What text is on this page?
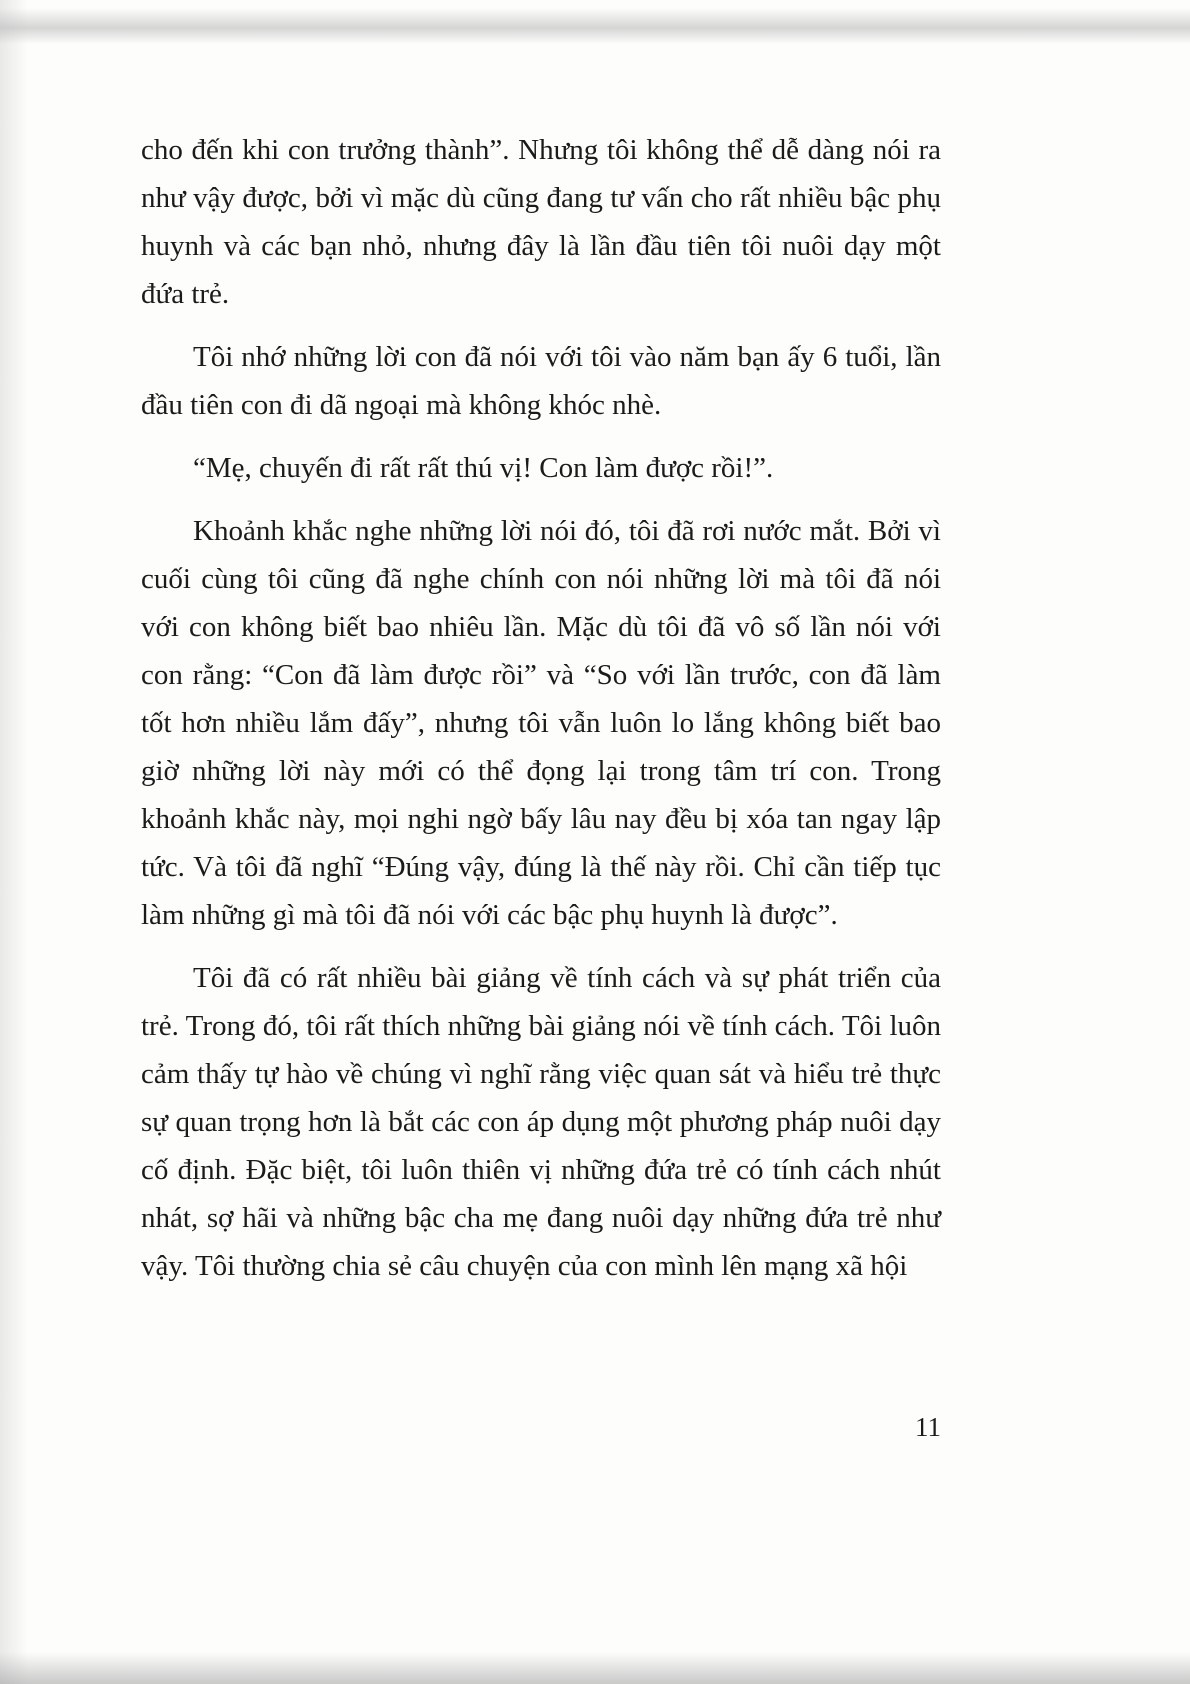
cho đến khi con trưởng thành”. Nhưng tôi không thể dễ dàng nói ra như vậy được, bởi vì mặc dù cũng đang tư vấn cho rất nhiều bậc phụ huynh và các bạn nhỏ, nhưng đây là lần đầu tiên tôi nuôi dạy một đứa trẻ.

Tôi nhớ những lời con đã nói với tôi vào năm bạn ấy 6 tuổi, lần đầu tiên con đi dã ngoại mà không khóc nhè.

“Mẹ, chuyến đi rất rất thú vị! Con làm được rồi!”.

Khoảnh khắc nghe những lời nói đó, tôi đã rơi nước mắt. Bởi vì cuối cùng tôi cũng đã nghe chính con nói những lời mà tôi đã nói với con không biết bao nhiêu lần. Mặc dù tôi đã vô số lần nói với con rằng: “Con đã làm được rồi” và “So với lần trước, con đã làm tốt hơn nhiều lắm đấy”, nhưng tôi vẫn luôn lo lắng không biết bao giờ những lời này mới có thể đọng lại trong tâm trí con. Trong khoảnh khắc này, mọi nghi ngờ bấy lâu nay đều bị xóa tan ngay lập tức. Và tôi đã nghĩ “Đúng vậy, đúng là thế này rồi. Chỉ cần tiếp tục làm những gì mà tôi đã nói với các bậc phụ huynh là được”.

Tôi đã có rất nhiều bài giảng về tính cách và sự phát triển của trẻ. Trong đó, tôi rất thích những bài giảng nói về tính cách. Tôi luôn cảm thấy tự hào về chúng vì nghĩ rằng việc quan sát và hiểu trẻ thực sự quan trọng hơn là bắt các con áp dụng một phương pháp nuôi dạy cố định. Đặc biệt, tôi luôn thiên vị những đứa trẻ có tính cách nhút nhát, sợ hãi và những bậc cha mẹ đang nuôi dạy những đứa trẻ như vậy. Tôi thường chia sẻ câu chuyện của con mình lên mạng xã hội

11
